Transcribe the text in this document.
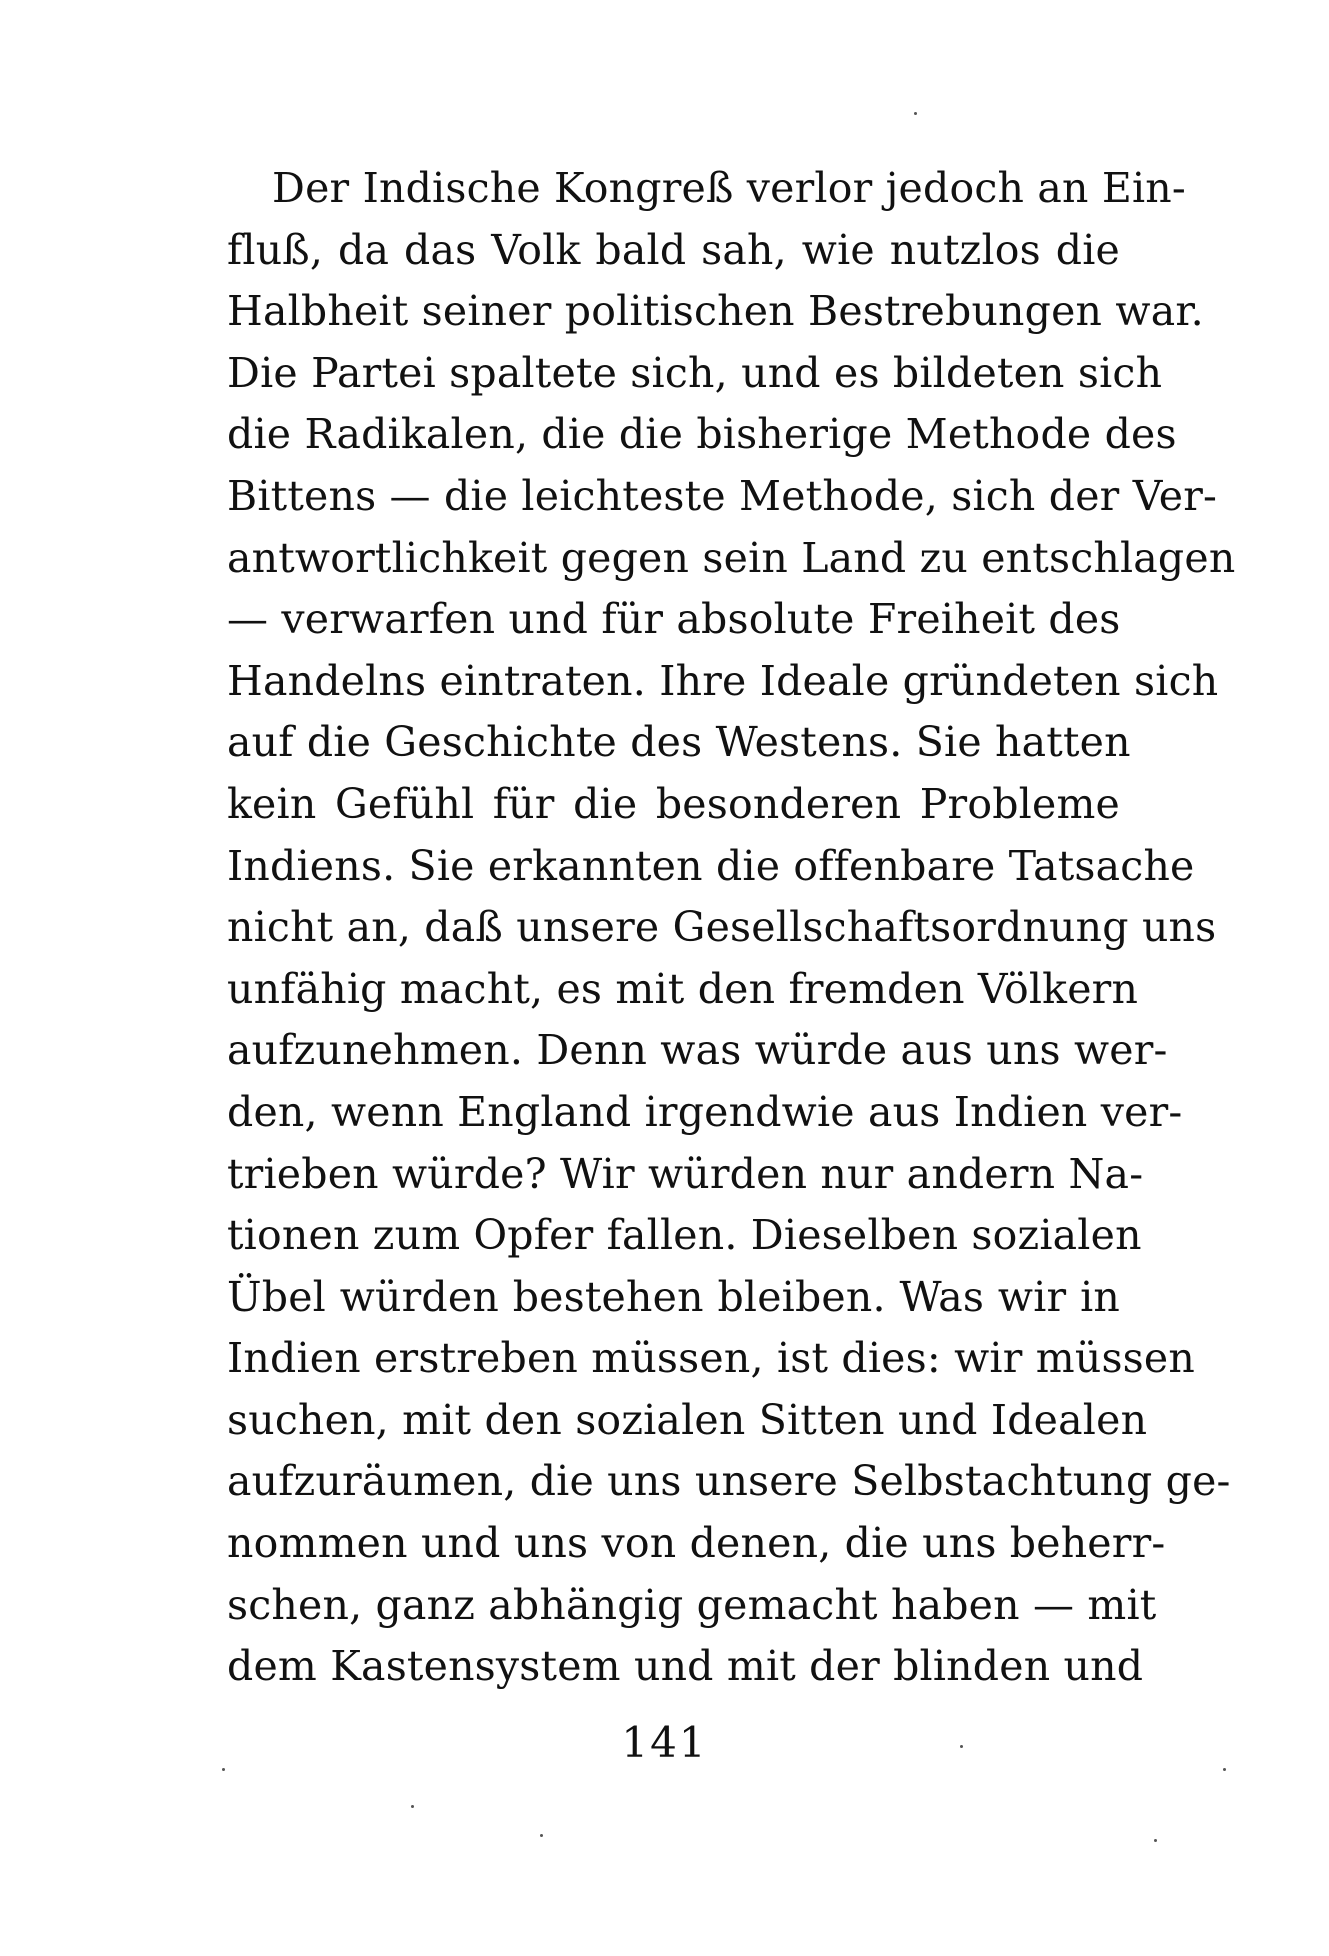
Der Indische Kongreß verlor jedoch an Ein-
fluß, da das Volk bald sah, wie nutzlos die
Halbheit seiner politischen Bestrebungen war.
Die Partei spaltete sich, und es bildeten sich
die Radikalen, die die bisherige Methode des
Bittens — die leichteste Methode, sich der Ver-
antwortlichkeit gegen sein Land zu entschlagen
— verwarfen und für absolute Freiheit des
Handelns eintraten. Ihre Ideale gründeten sich
auf die Geschichte des Westens. Sie hatten
kein Gefühl für die besonderen Probleme
Indiens. Sie erkannten die offenbare Tatsache
nicht an, daß unsere Gesellschaftsordnung uns
unfähig macht, es mit den fremden Völkern
aufzunehmen. Denn was würde aus uns wer-
den, wenn England irgendwie aus Indien ver-
trieben würde? Wir würden nur andern Na-
tionen zum Opfer fallen. Dieselben sozialen
Übel würden bestehen bleiben. Was wir in
Indien erstreben müssen, ist dies: wir müssen
suchen, mit den sozialen Sitten und Idealen
aufzuräumen, die uns unsere Selbstachtung ge-
nommen und uns von denen, die uns beherr-
schen, ganz abhängig gemacht haben — mit
dem Kastensystem und mit der blinden und
141
